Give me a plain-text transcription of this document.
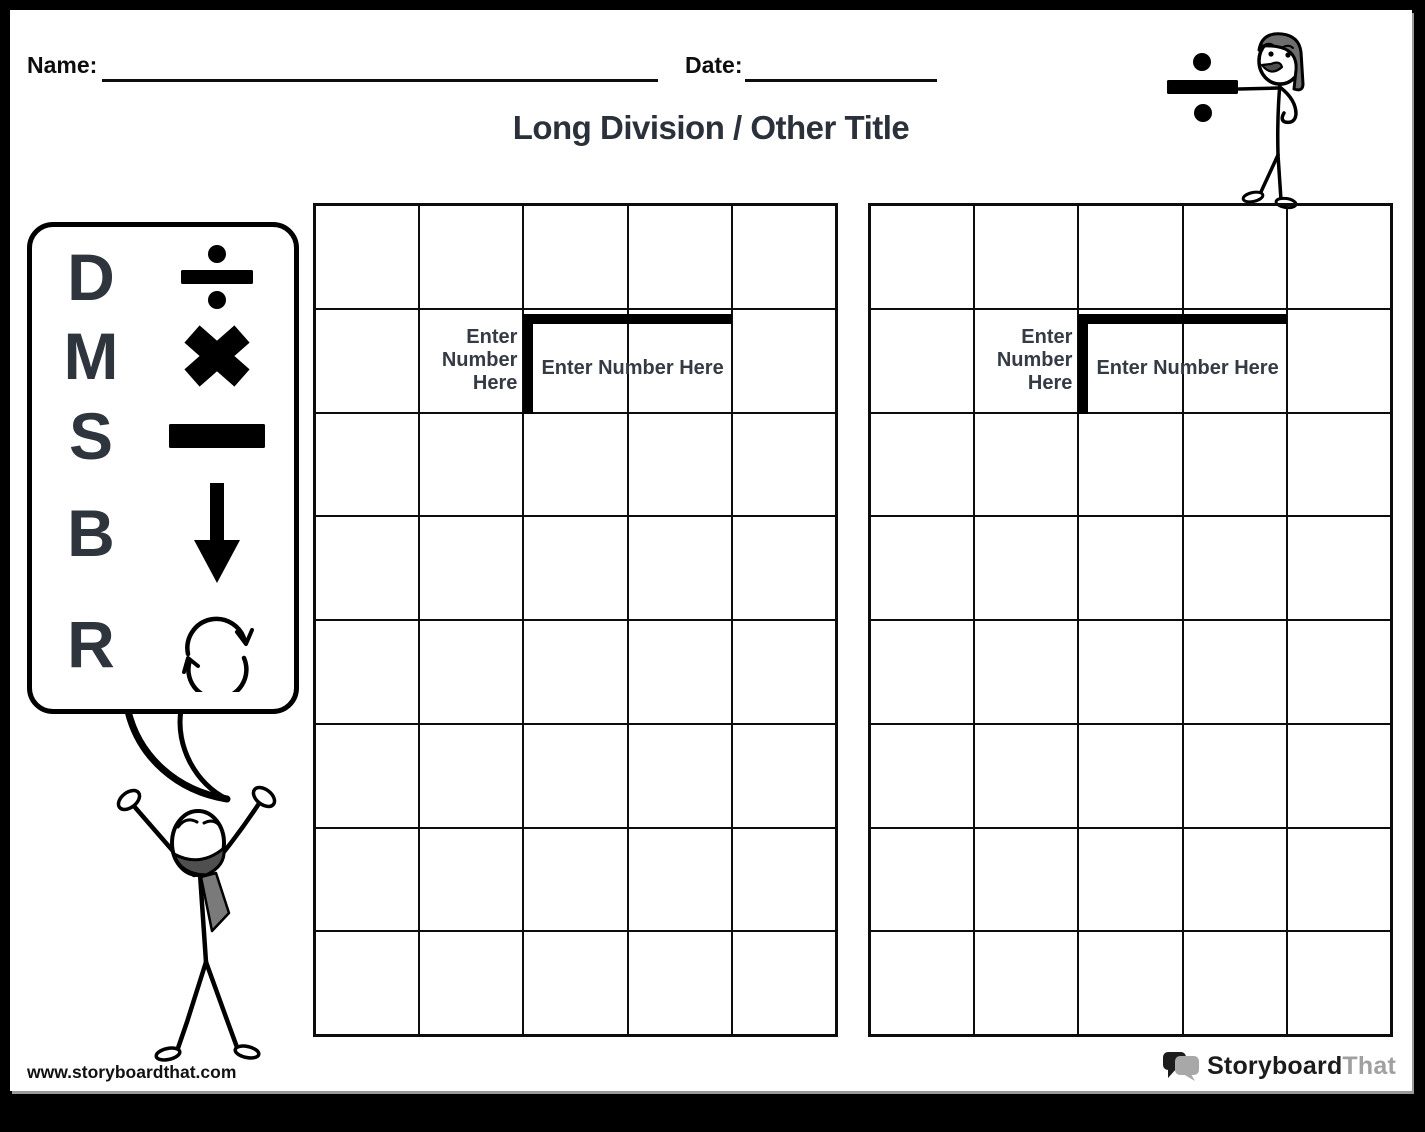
Name:	Date:
Long Division / Other Title
D
M
S
B
R
Enter Number Here
Enter Number Here
Enter Number Here
Enter Number Here
www.storyboardthat.com	StoryboardThat
